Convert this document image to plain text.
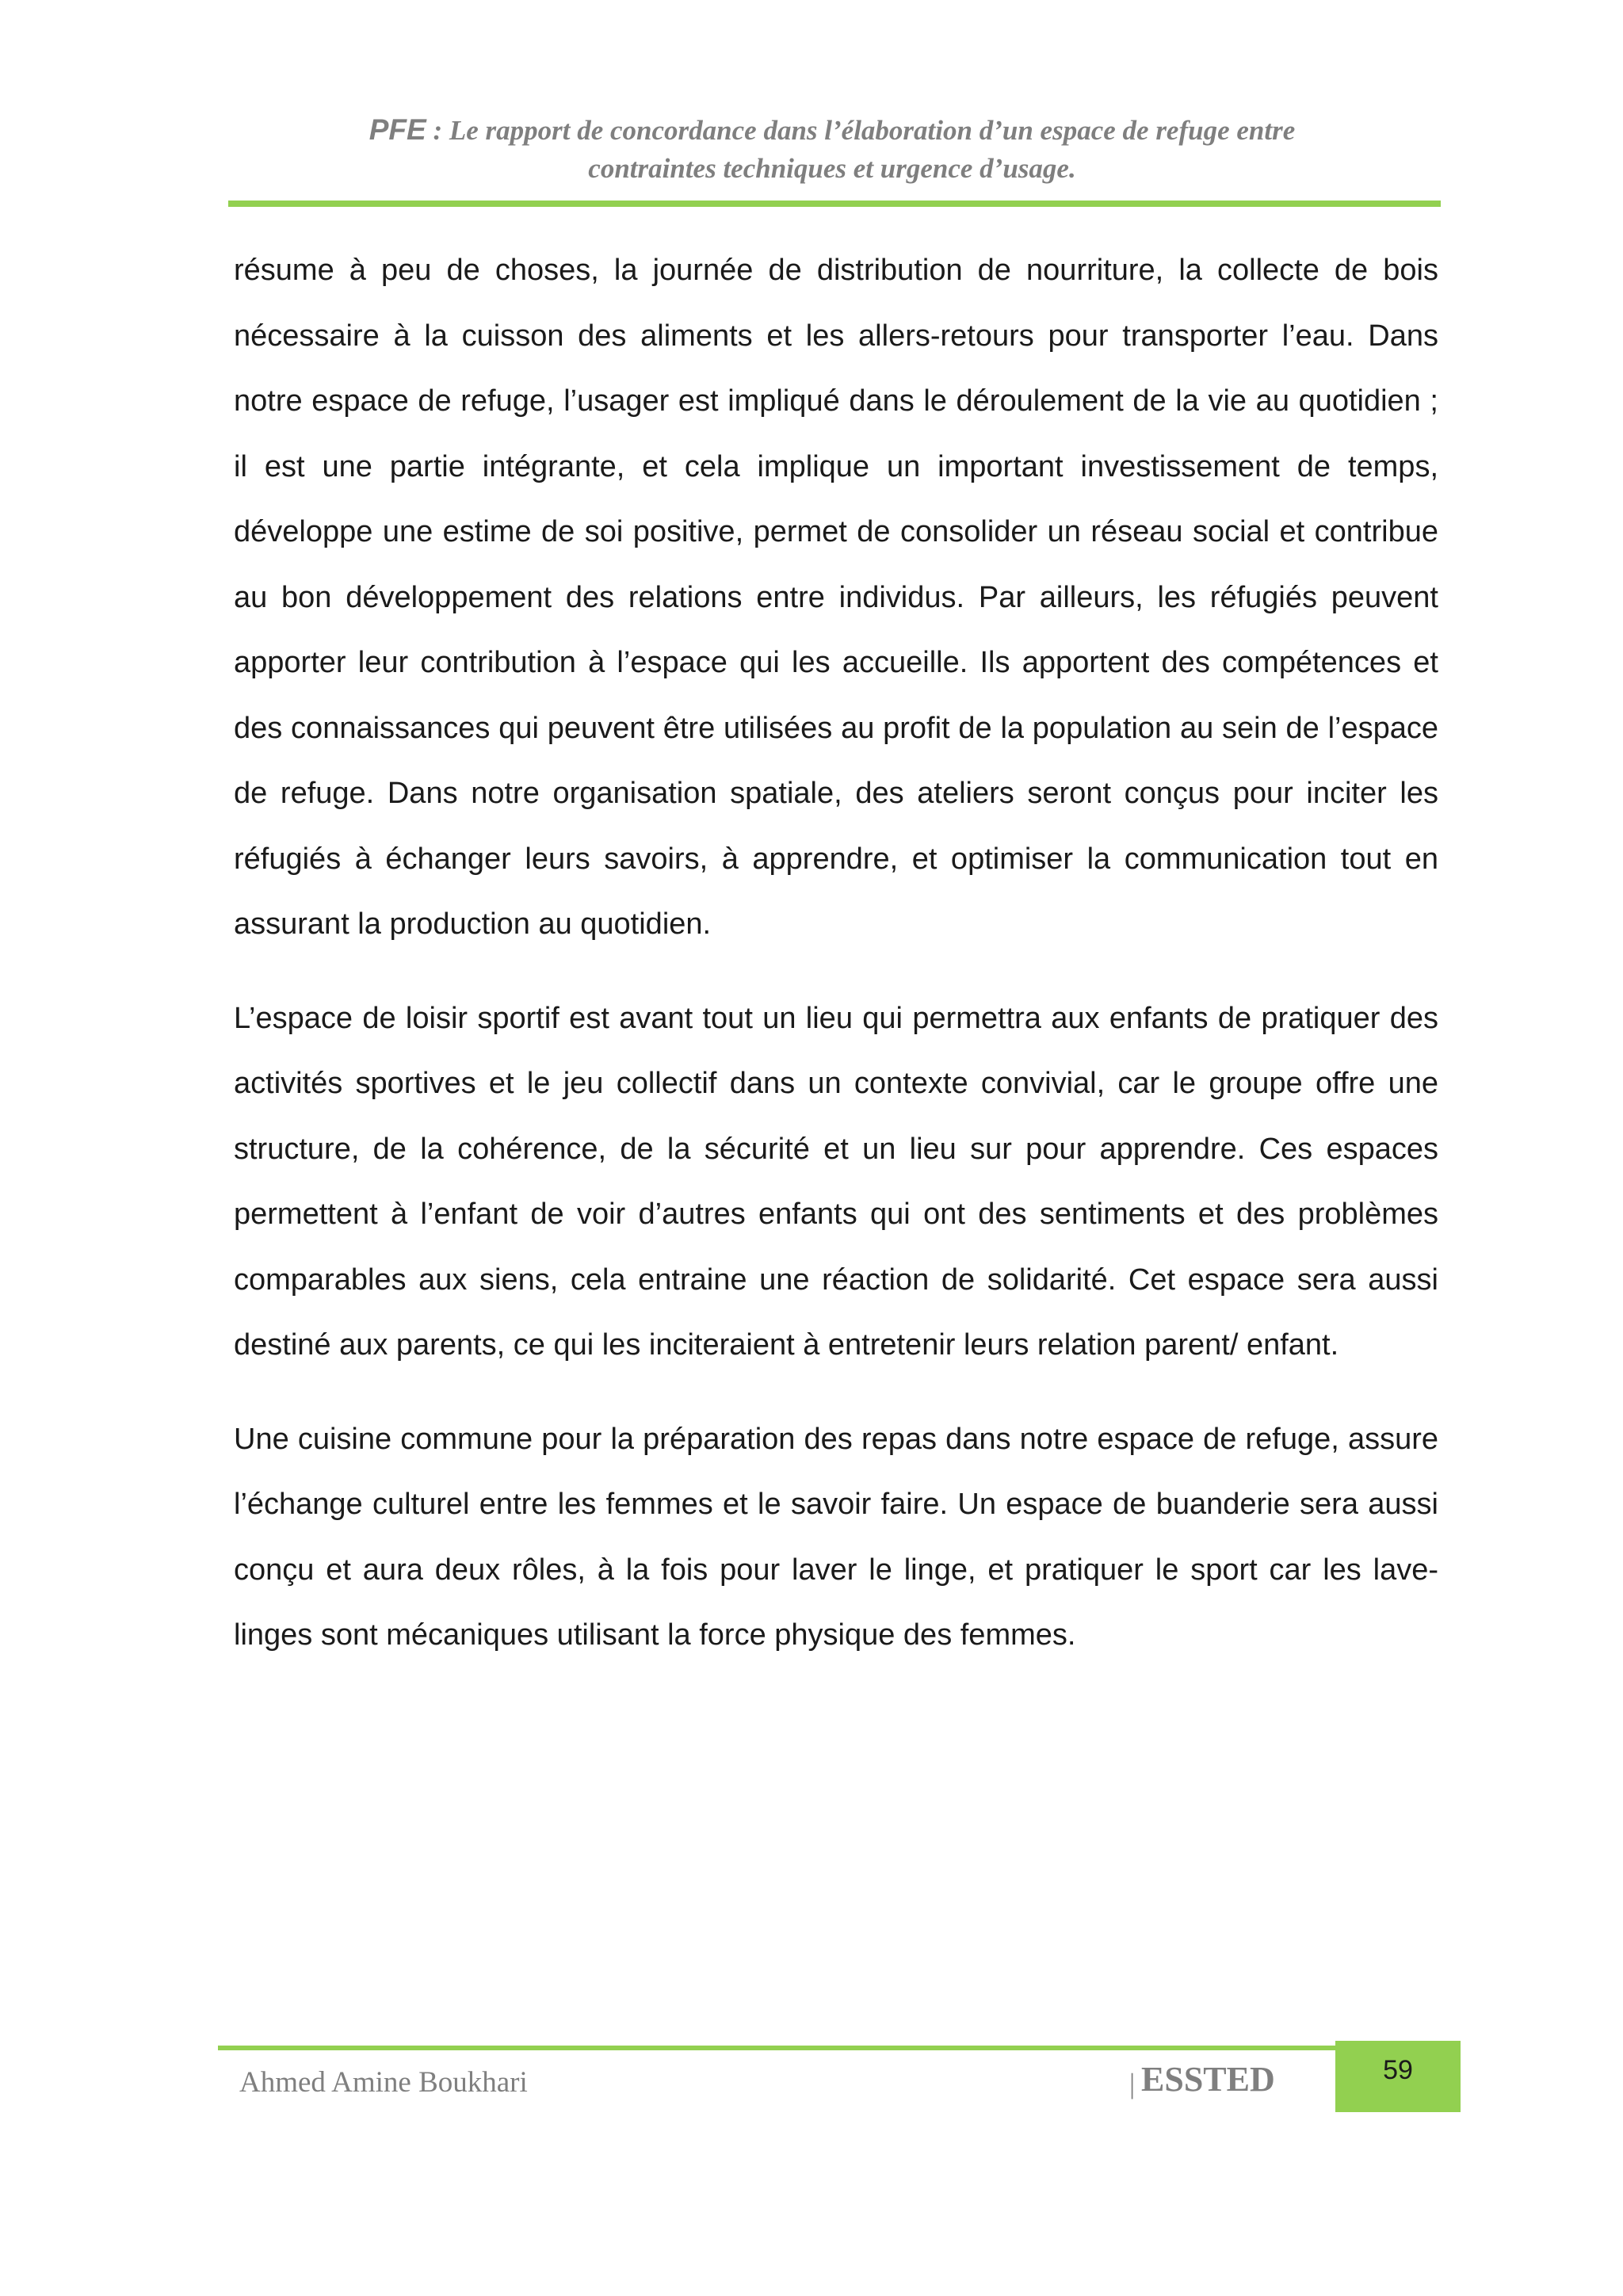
PFE : Le rapport de concordance dans l’élaboration d’un espace de refuge entre
contraintes techniques et urgence d’usage.

résume à peu de choses, la journée de distribution de nourriture, la collecte de bois nécessaire à la cuisson des aliments et les allers-retours pour transporter l’eau. Dans notre espace de refuge, l’usager est impliqué dans le déroulement de la vie au quotidien ; il est une partie intégrante, et cela implique un important investissement de temps, développe une estime de soi positive, permet de consolider un réseau social et contribue au bon développement des relations entre individus. Par ailleurs, les réfugiés peuvent apporter leur contribution à l’espace qui les accueille. Ils apportent des compétences et des connaissances qui peuvent être utilisées au profit de la population au sein de l’espace de refuge. Dans notre organisation spatiale, des ateliers seront conçus pour inciter les réfugiés à échanger leurs savoirs, à apprendre, et optimiser la communication tout en assurant la production au quotidien.

L’espace de loisir sportif est avant tout un lieu qui permettra aux enfants de pratiquer des activités sportives et le jeu collectif dans un contexte convivial, car le groupe offre une structure, de la cohérence, de la sécurité et un lieu sur pour apprendre. Ces espaces permettent à l’enfant de voir d’autres enfants qui ont des sentiments et des problèmes comparables aux siens, cela entraine une réaction de solidarité. Cet espace sera aussi destiné aux parents, ce qui les inciteraient à entretenir leurs relation parent/ enfant.

Une cuisine commune pour la préparation des repas dans notre espace de refuge, assure l’échange culturel entre les femmes et le savoir faire. Un espace de buanderie sera aussi conçu et aura deux rôles, à la fois pour laver le linge, et pratiquer le sport car les lave-linges sont mécaniques utilisant la force physique des femmes.

Ahmed Amine Boukhari	| ESSTED	59
